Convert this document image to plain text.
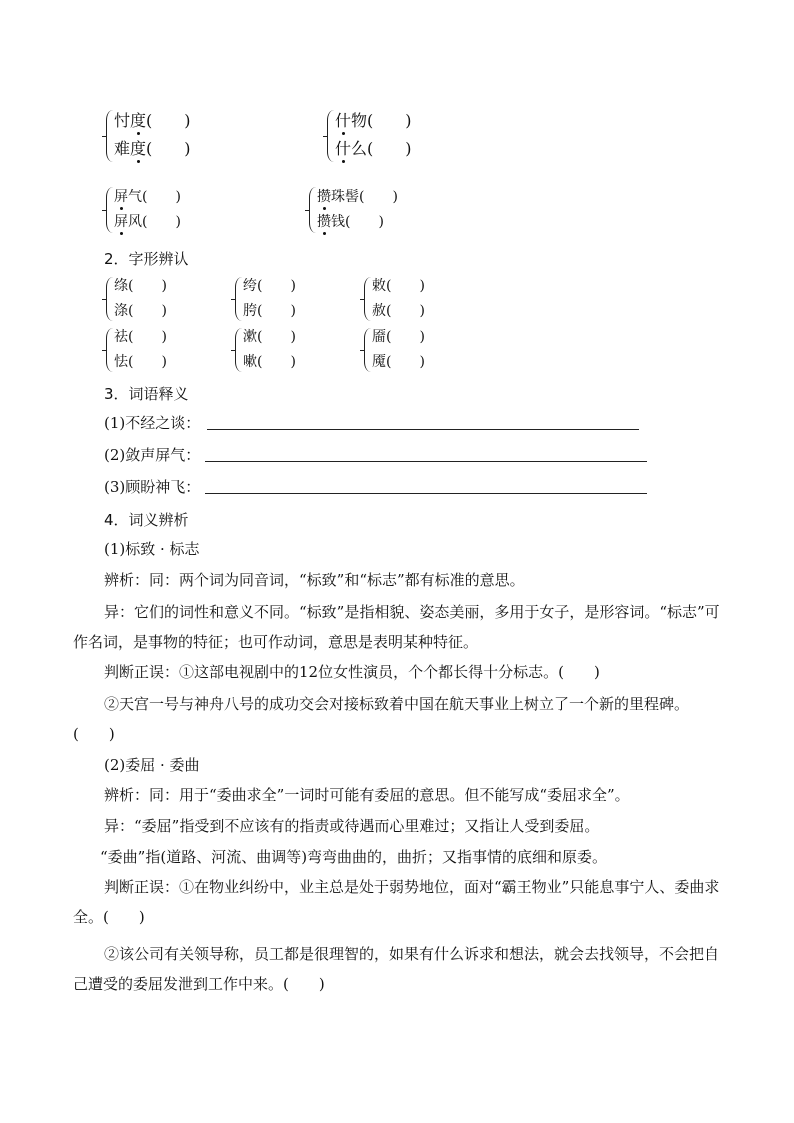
忖度(　　)
难度(　　)
什物(　　)
什么(　　)
屏气(　　)
屏风(　　)
攒珠髻(　　)
攒钱(　　)
2．字形辨认
绦(　　)
涤(　　)
绔(　　)
胯(　　)
敕(　　)
赦(　　)
祛(　　)
怯(　　)
漱(　　)
嗽(　　)
靥(　　)
魇(　　)
3．词语释义
(1)不经之谈：
(2)敛声屏气：
(3)顾盼神飞：
4．词义辨析
(1)标致 · 标志
辨析：同：两个词为同音词，“标致”和“标志”都有标准的意思。
异：它们的词性和意义不同。“标致”是指相貌、姿态美丽，多用于女子，是形容词。“标志”可作名词，是事物的特征；也可作动词，意思是表明某种特征。
判断正误：①这部电视剧中的12位女性演员，个个都长得十分标志。(　　)
②天宫一号与神舟八号的成功交会对接标致着中国在航天事业上树立了一个新的里程碑。(　　)
(2)委屈 · 委曲
辨析：同：用于“委曲求全”一词时可能有委屈的意思。但不能写成“委屈求全”。
异：“委屈”指受到不应该有的指责或待遇而心里难过；又指让人受到委屈。
“委曲”指(道路、河流、曲调等)弯弯曲曲的，曲折；又指事情的底细和原委。
判断正误：①在物业纠纷中，业主总是处于弱势地位，面对“霸王物业”只能息事宁人、委曲求全。(　　)
②该公司有关领导称，员工都是很理智的，如果有什么诉求和想法，就会去找领导，不会把自己遭受的委屈发泄到工作中来。(　　)
